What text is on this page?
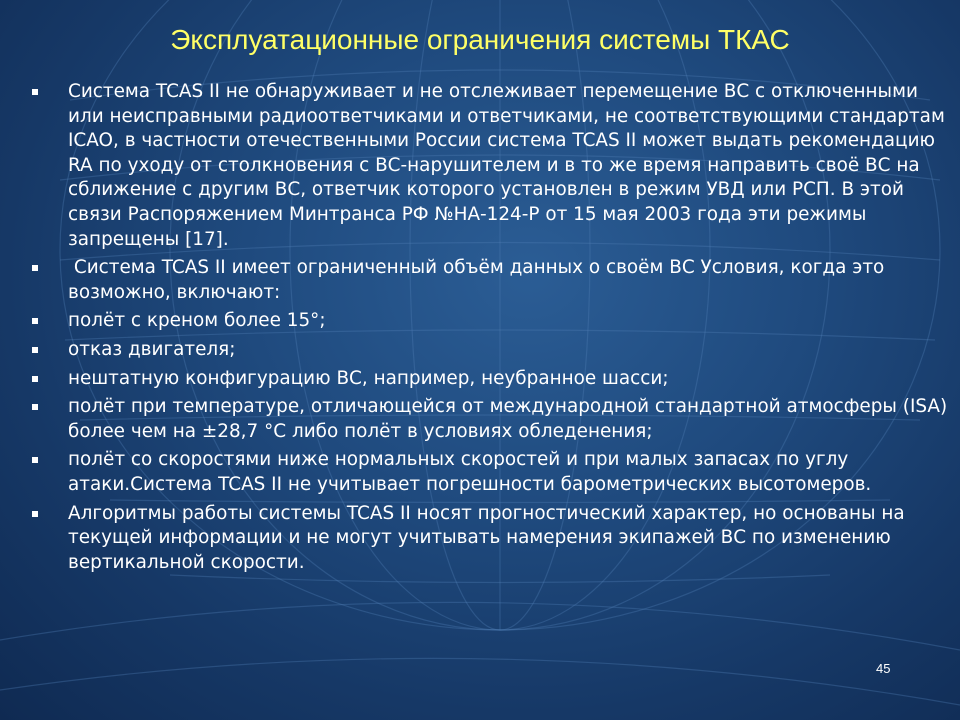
Эксплуатационные ограничения системы ТКАС
Система TCAS II не обнаруживает и не отслеживает перемещение ВС с отключенными или неисправными радиоответчиками и ответчиками, не соответствующими стандартам ICAO, в частности отечественными России система TCAS II может выдать рекомендацию RA по уходу от столкновения с ВС-нарушителем и в то же время направить своё ВС на сближение с другим ВС, ответчик которого установлен в режим УВД или РСП. В этой связи Распоряжением Минтранса РФ №НА-124-Р от 15 мая 2003 года эти режимы запрещены [17].
Система TCAS II имеет ограниченный объём данных о своём ВС Условия, когда это возможно, включают:
полёт с креном более 15°;
отказ двигателя;
нештатную конфигурацию ВС, например, неубранное шасси;
полёт при температуре, отличающейся от международной стандартной атмосферы (ISA) более чем на ±28,7 °С либо полёт в условиях обледенения;
полёт со скоростями ниже нормальных скоростей и при малых запасах по углу атаки.Система TCAS II не учитывает погрешности барометрических высотомеров.
Алгоритмы работы системы TCAS II носят прогностический характер, но основаны на текущей информации и не могут учитывать намерения экипажей ВС по изменению вертикальной скорости.
45
